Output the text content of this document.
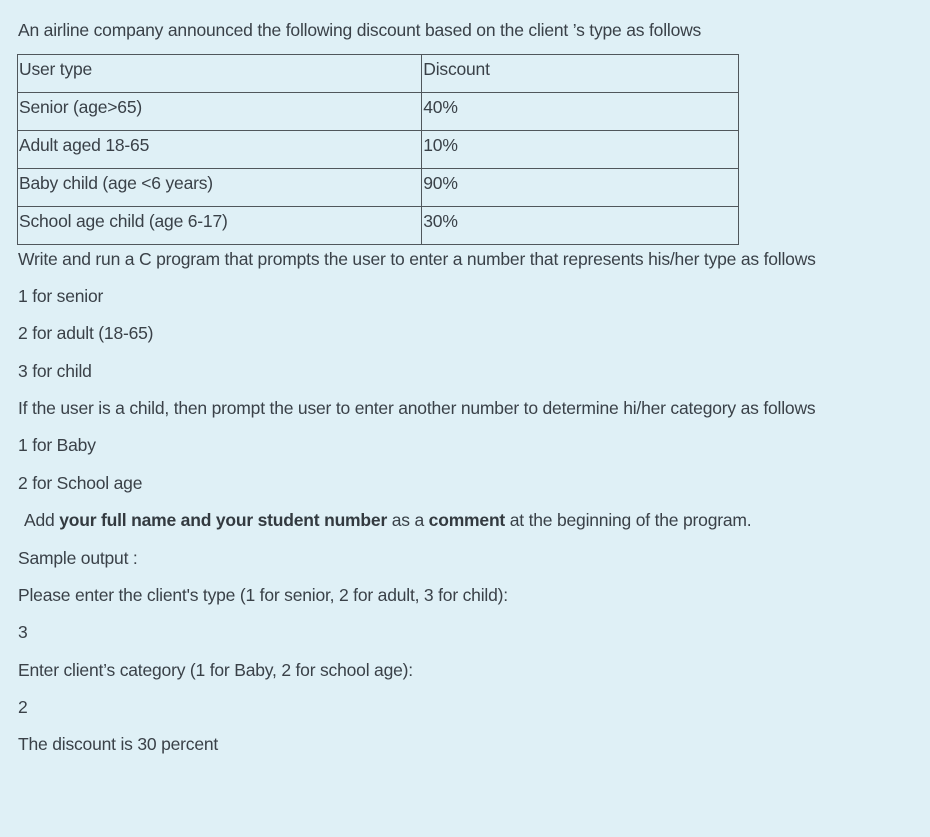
An airline company announced the following discount based on the client ’s type as follows
User type	Discount
Senior (age>65)	40%
Adult aged 18-65	10%
Baby child (age <6 years)	90%
School age child (age 6-17)	30%
Write and run a C program that prompts the user to enter a number that represents his/her type as follows
1 for senior
2 for adult (18-65)
3 for child
If the user is a child, then prompt the user to enter another number to determine hi/her category as follows
1 for Baby
2 for School age
Add your full name and your student number as a comment at the beginning of the program.
Sample output :
Please enter the client's type (1 for senior, 2 for adult, 3 for child):
3
Enter client’s category (1 for Baby, 2 for school age):
2
The discount is 30 percent
